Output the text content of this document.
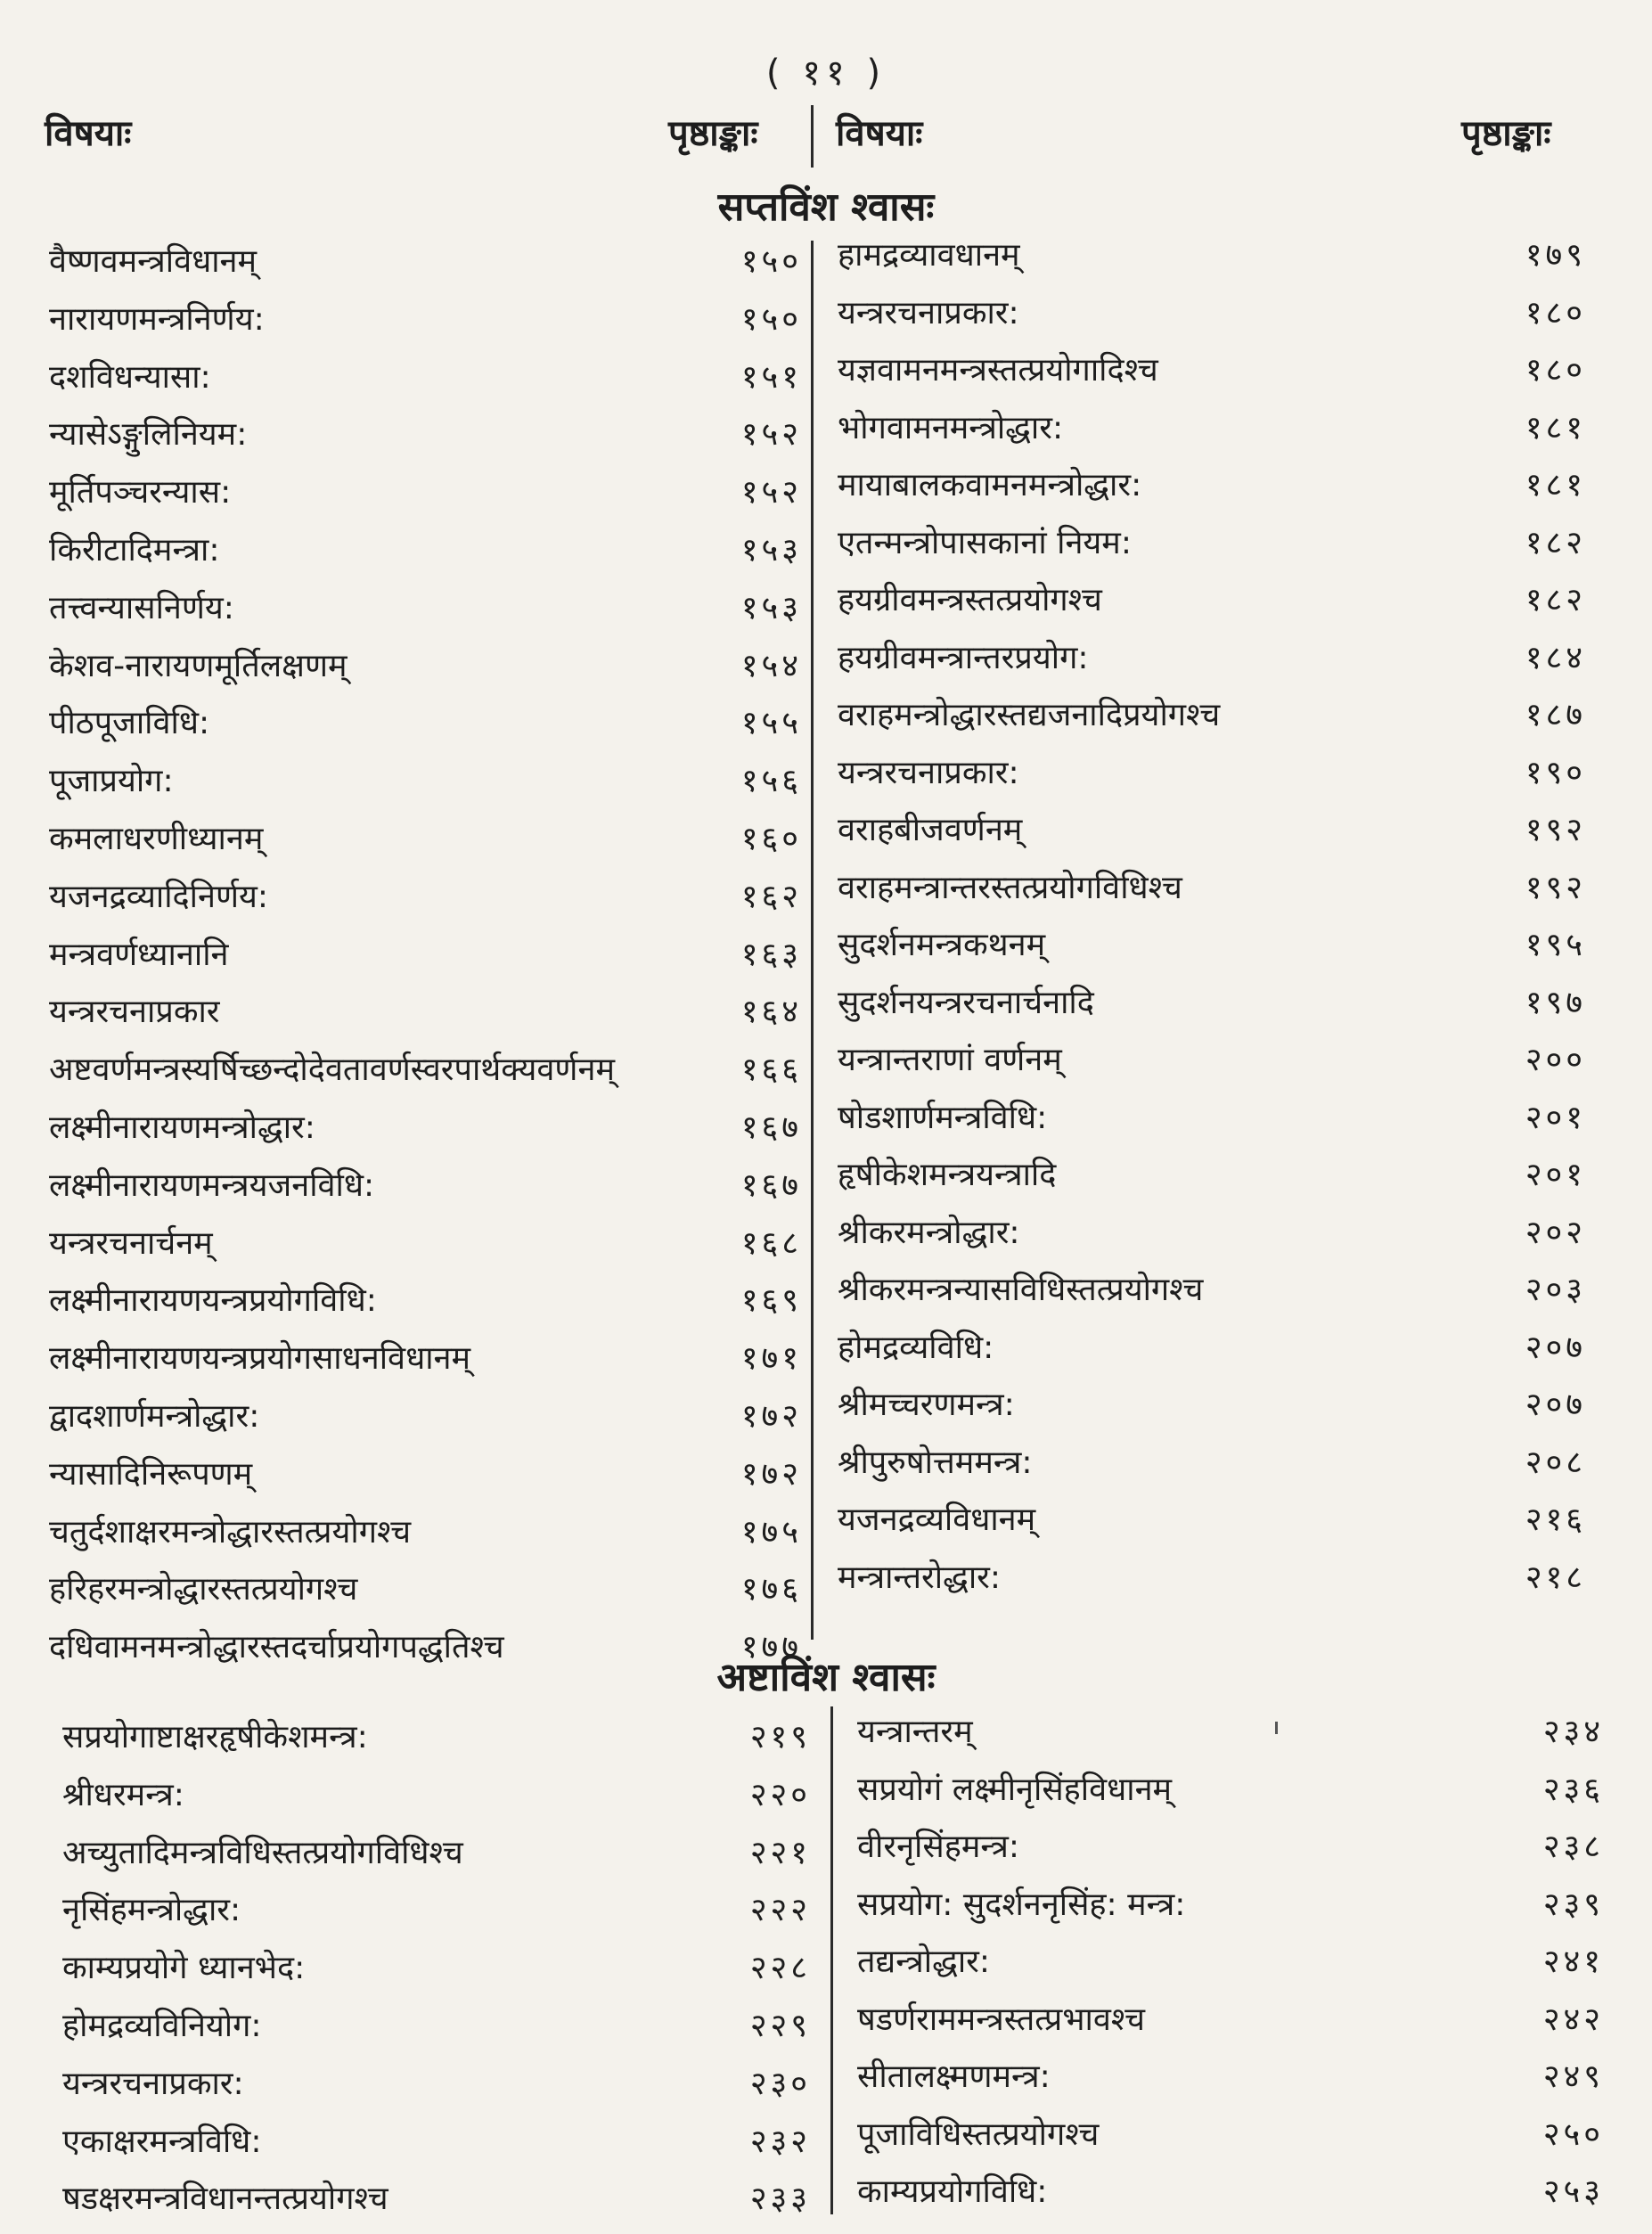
( ११ )
विषयाः	पृष्ठाङ्काः विषयाः	पृष्ठाङ्काः
सप्तविंश श्वासः
वैष्णवमन्त्रविधानम्	१५०
नारायणमन्त्रनिर्णय:	१५०
दशविधन्यासा:	१५१
न्यासेऽङ्गुलिनियम:	१५२
मूर्तिपञ्चरन्यास:	१५२
किरीटादिमन्त्रा:	१५३
तत्त्वन्यासनिर्णय:	१५३
केशव-नारायणमूर्तिलक्षणम्	१५४
पीठपूजाविधि:	१५५
पूजाप्रयोग:	१५६
कमलाधरणीध्यानम्	१६०
यजनद्रव्यादिनिर्णय:	१६२
मन्त्रवर्णध्यानानि	१६३
यन्त्ररचनाप्रकार	१६४
अष्टवर्णमन्त्रस्यर्षिच्छन्दोदेवतावर्णस्वरपार्थक्यवर्णनम्	१६६
लक्ष्मीनारायणमन्त्रोद्धार:	१६७
लक्ष्मीनारायणमन्त्रयजनविधि:	१६७
यन्त्ररचनार्चनम्	१६८
लक्ष्मीनारायणयन्त्रप्रयोगविधि:	१६९
लक्ष्मीनारायणयन्त्रप्रयोगसाधनविधानम्	१७१
द्वादशार्णमन्त्रोद्धार:	१७२
न्यासादिनिरूपणम्	१७२
चतुर्दशाक्षरमन्त्रोद्धारस्तत्प्रयोगश्च	१७५
हरिहरमन्त्रोद्धारस्तत्प्रयोगश्च	१७६
दधिवामनमन्त्रोद्धारस्तदर्चाप्रयोगपद्धतिश्च	१७७
हामद्रव्यावधानम्	१७९
यन्त्ररचनाप्रकार:	१८०
यज्ञवामनमन्त्रस्तत्प्रयोगादिश्च	१८०
भोगवामनमन्त्रोद्धार:	१८१
मायाबालकवामनमन्त्रोद्धार:	१८१
एतन्मन्त्रोपासकानां नियम:	१८२
हयग्रीवमन्त्रस्तत्प्रयोगश्च	१८२
हयग्रीवमन्त्रान्तरप्रयोग:	१८४
वराहमन्त्रोद्धारस्तद्यजनादिप्रयोगश्च	१८७
यन्त्ररचनाप्रकार:	१९०
वराहबीजवर्णनम्	१९२
वराहमन्त्रान्तरस्तत्प्रयोगविधिश्च	१९२
सुदर्शनमन्त्रकथनम्	१९५
सुदर्शनयन्त्ररचनार्चनादि	१९७
यन्त्रान्तराणां वर्णनम्	२००
षोडशार्णमन्त्रविधि:	२०१
हृषीकेशमन्त्रयन्त्रादि	२०१
श्रीकरमन्त्रोद्धार:	२०२
श्रीकरमन्त्रन्यासविधिस्तत्प्रयोगश्च	२०३
होमद्रव्यविधि:	२०७
श्रीमच्चरणमन्त्र:	२०७
श्रीपुरुषोत्तममन्त्र:	२०८
यजनद्रव्यविधानम्	२१६
मन्त्रान्तरोद्धार:	२१८
अष्टाविंश श्वासः
सप्रयोगाष्टाक्षरहृषीकेशमन्त्र:	२१९
श्रीधरमन्त्र:	२२०
अच्युतादिमन्त्रविधिस्तत्प्रयोगविधिश्च	२२१
नृसिंहमन्त्रोद्धार:	२२२
काम्यप्रयोगे ध्यानभेद:	२२८
होमद्रव्यविनियोग:	२२९
यन्त्ररचनाप्रकार:	२३०
एकाक्षरमन्त्रविधि:	२३२
षडक्षरमन्त्रविधानन्तत्प्रयोगश्च	२३३
यन्त्रान्तरम्	२३४
सप्रयोगं लक्ष्मीनृसिंहविधानम्	२३६
वीरनृसिंहमन्त्र:	२३८
सप्रयोग: सुदर्शननृसिंह: मन्त्र:	२३९
तद्यन्त्रोद्धार:	२४१
षडर्णराममन्त्रस्तत्प्रभावश्च	२४२
सीतालक्ष्मणमन्त्र:	२४९
पूजाविधिस्तत्प्रयोगश्च	२५०
काम्यप्रयोगविधि:	२५३
